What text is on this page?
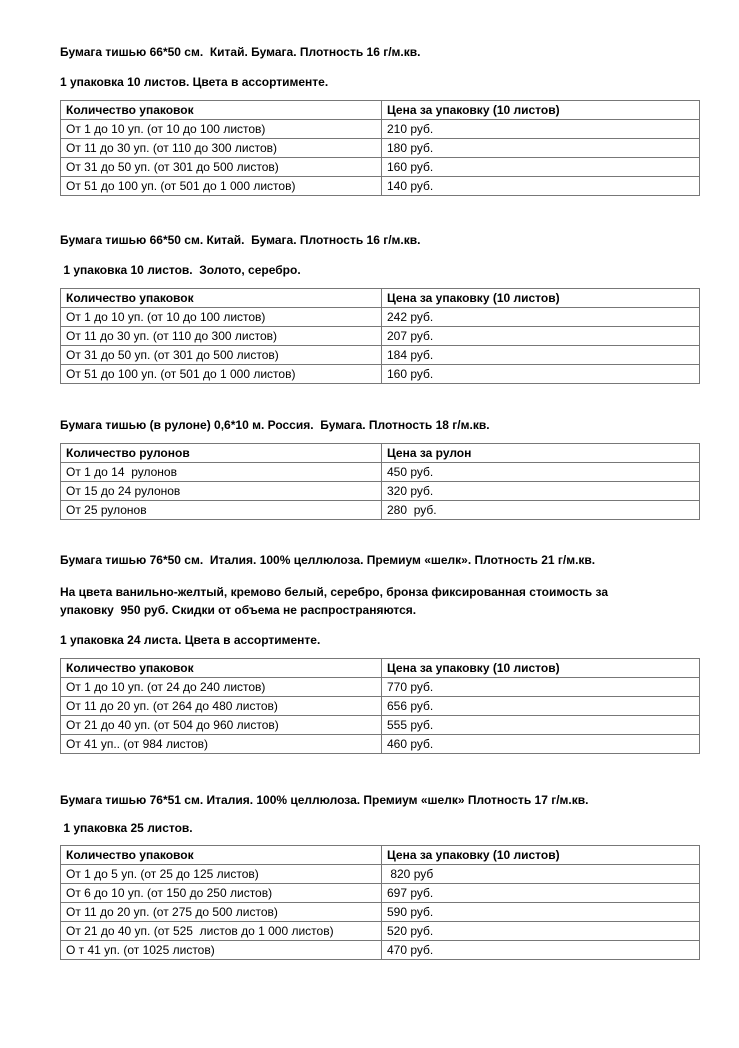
Бумага тишью 66*50 см.  Китай. Бумага. Плотность 16 г/м.кв.
1 упаковка 10 листов. Цвета в ассортименте.
Количество упаковок	Цена за упаковку (10 листов)
От 1 до 10 уп. (от 10 до 100 листов)	210 руб.
От 11 до 30 уп. (от 110 до 300 листов)	180 руб.
От 31 до 50 уп. (от 301 до 500 листов)	160 руб.
От 51 до 100 уп. (от 501 до 1 000 листов)	140 руб.
Бумага тишью 66*50 см. Китай.  Бумага. Плотность 16 г/м.кв.
1 упаковка 10 листов.  Золото, серебро.
Количество упаковок	Цена за упаковку (10 листов)
От 1 до 10 уп. (от 10 до 100 листов)	242 руб.
От 11 до 30 уп. (от 110 до 300 листов)	207 руб.
От 31 до 50 уп. (от 301 до 500 листов)	184 руб.
От 51 до 100 уп. (от 501 до 1 000 листов)	160 руб.
Бумага тишью (в рулоне) 0,6*10 м. Россия.  Бумага. Плотность 18 г/м.кв.
Количество рулонов	Цена за рулон
От 1 до 14  рулонов	450 руб.
От 15 до 24 рулонов	320 руб.
От 25 рулонов	280  руб.
Бумага тишью 76*50 см.  Италия. 100% целлюлоза. Премиум «шелк». Плотность 21 г/м.кв.
На цвета ванильно-желтый, кремово белый, серебро, бронза фиксированная стоимость за
упаковку  950 руб. Скидки от объема не распространяются.
1 упаковка 24 листа. Цвета в ассортименте.
Количество упаковок	Цена за упаковку (10 листов)
От 1 до 10 уп. (от 24 до 240 листов)	770 руб.
От 11 до 20 уп. (от 264 до 480 листов)	656 руб.
От 21 до 40 уп. (от 504 до 960 листов)	555 руб.
От 41 уп.. (от 984 листов)	460 руб.
Бумага тишью 76*51 см. Италия. 100% целлюлоза. Премиум «шелк» Плотность 17 г/м.кв.
1 упаковка 25 листов.
Количество упаковок	Цена за упаковку (10 листов)
От 1 до 5 уп. (от 25 до 125 листов)	820 руб
От 6 до 10 уп. (от 150 до 250 листов)	697 руб.
От 11 до 20 уп. (от 275 до 500 листов)	590 руб.
От 21 до 40 уп. (от 525  листов до 1 000 листов)	520 руб.
О т 41 уп. (от 1025 листов)	470 руб.
